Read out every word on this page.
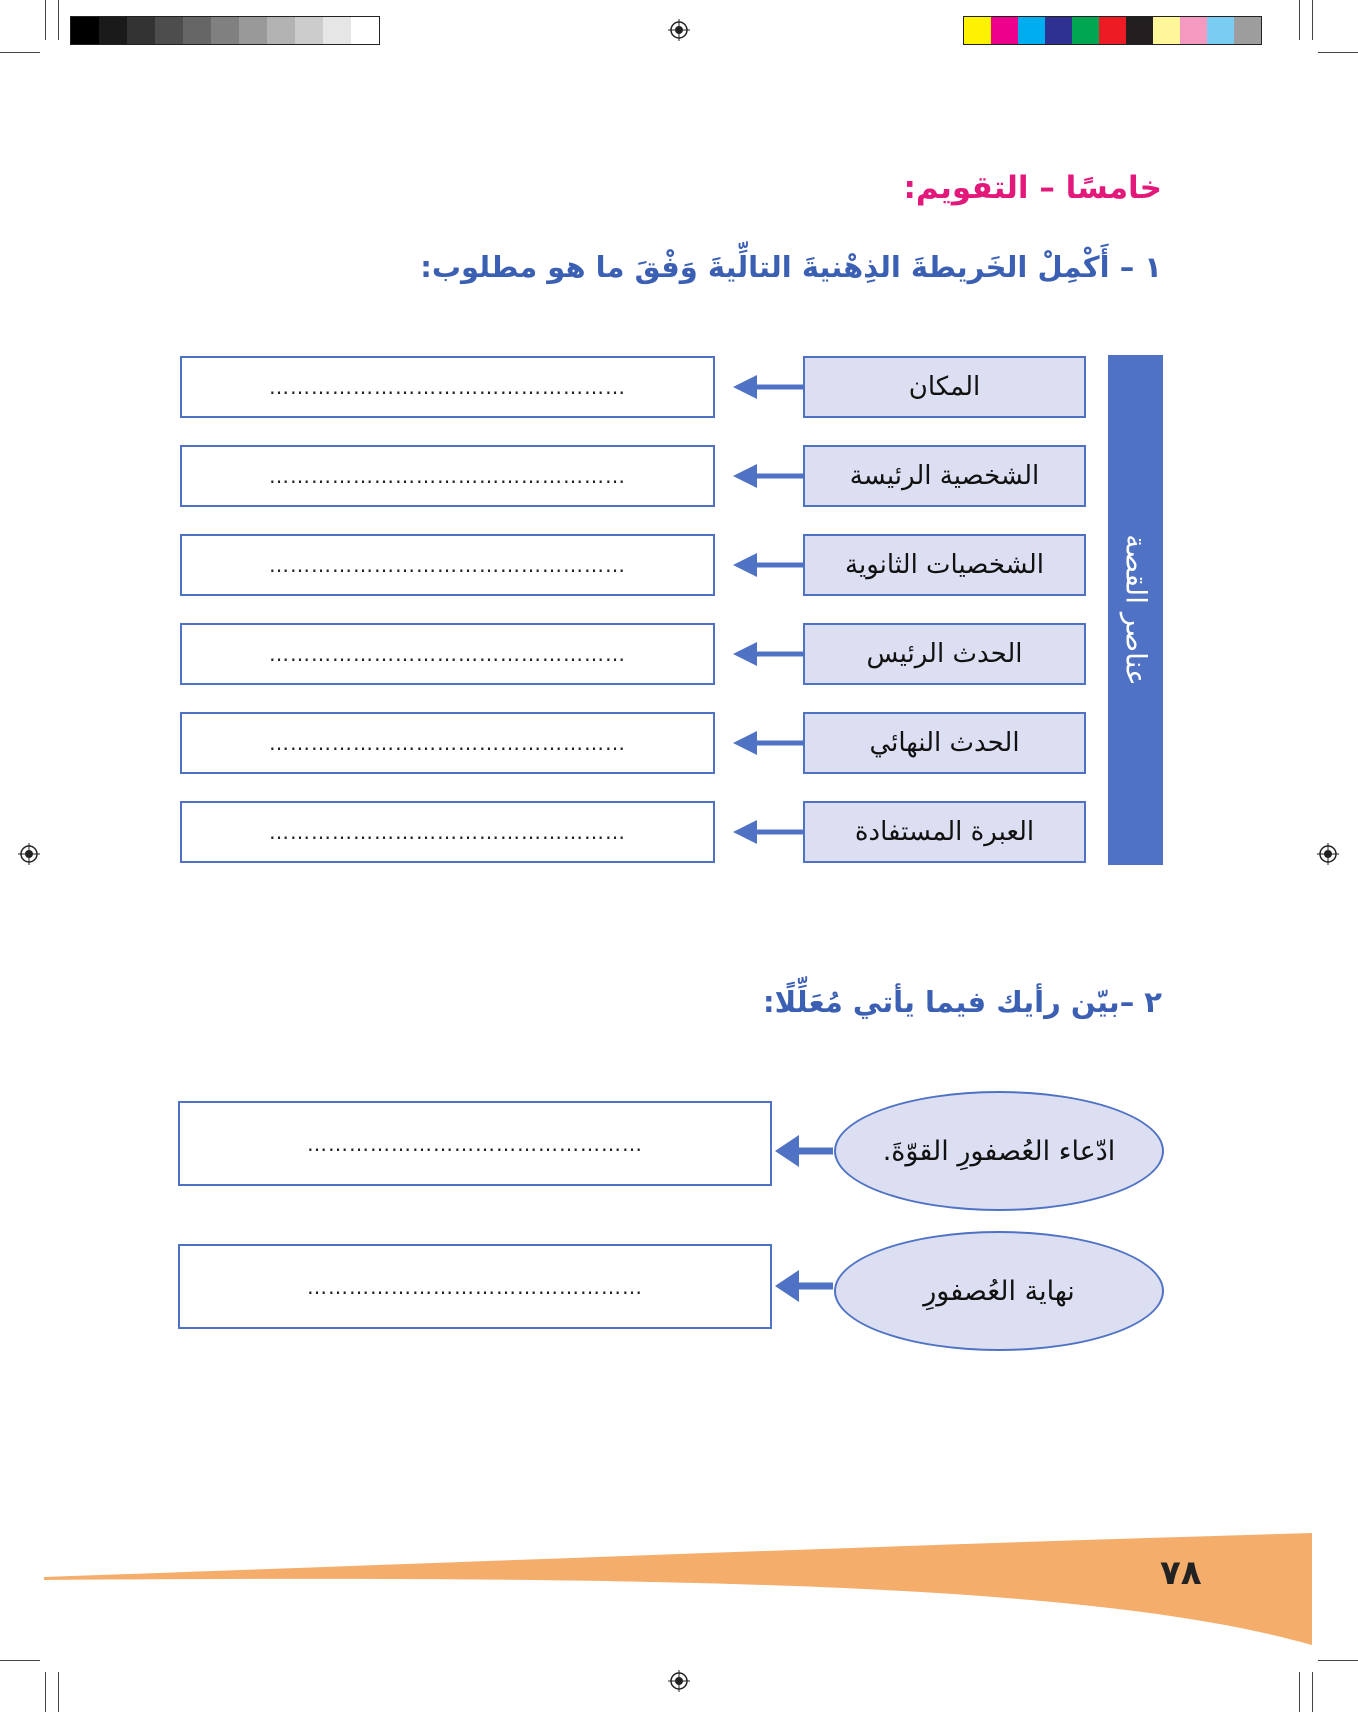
خامسًا – التقويم:
١ – أَكْمِلْ الخَريطةَ الذِهْنيةَ التالِّيةَ وَفْقَ ما هو مطلوب:
عناصر القصة
المكان
……………………………………………
الشخصية الرئيسة
……………………………………………
الشخصيات الثانوية
……………………………………………
الحدث الرئيس
……………………………………………
الحدث النهائي
……………………………………………
العبرة المستفادة
……………………………………………
٢ –بيّن رأيك فيما يأتي مُعَلِّلًا:
ادّعاء العُصفورِ القوّةَ.
…………………………………………
نهاية العُصفورِ
…………………………………………
٧٨
